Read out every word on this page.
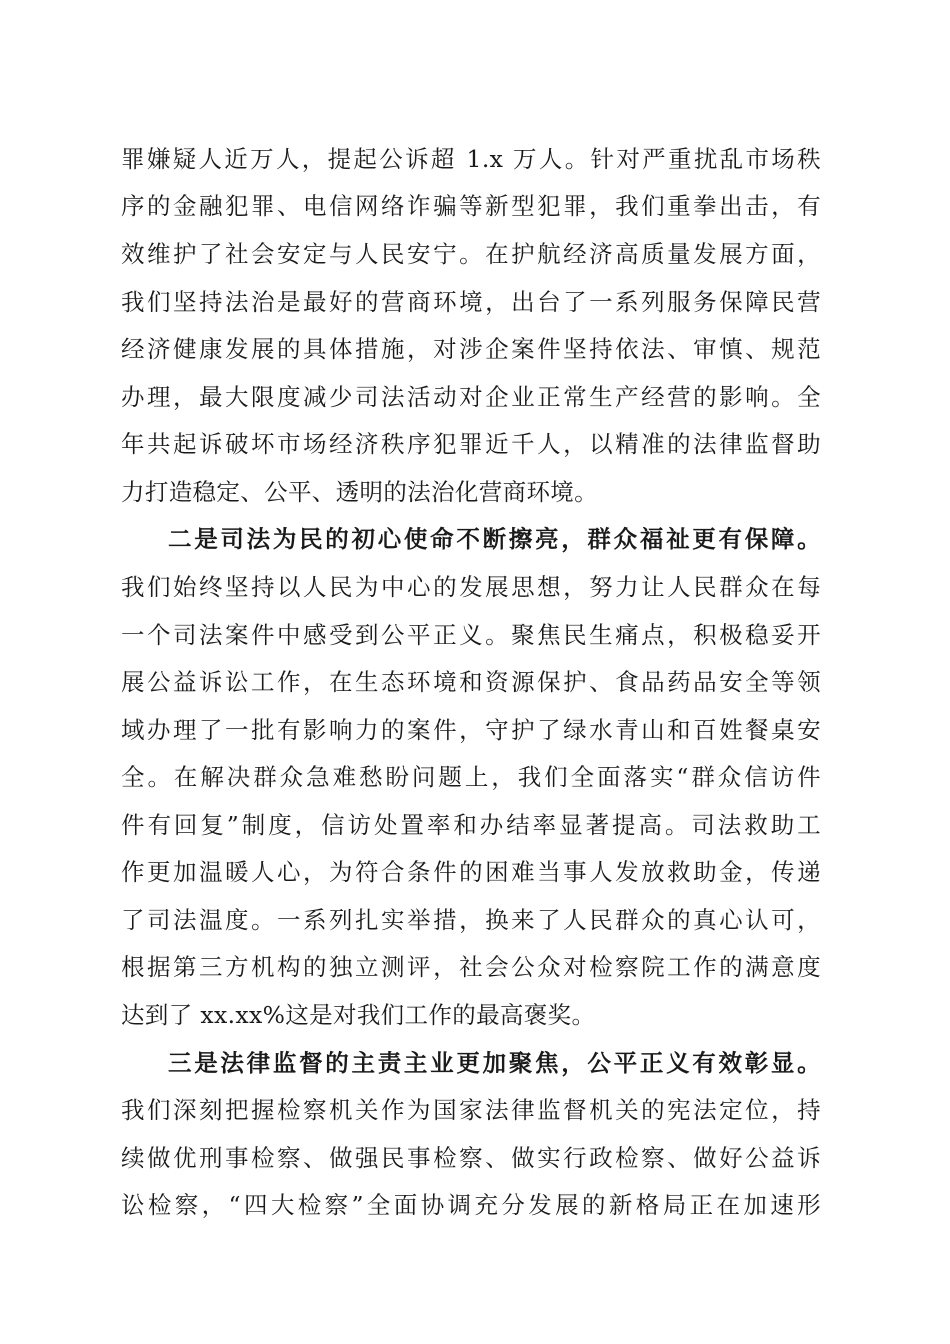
罪嫌疑人近万人，提起公诉超 1.x 万人。针对严重扰乱市场秩
序的金融犯罪、电信网络诈骗等新型犯罪，我们重拳出击，有
效维护了社会安定与人民安宁。在护航经济高质量发展方面，
我们坚持法治是最好的营商环境，出台了一系列服务保障民营
经济健康发展的具体措施，对涉企案件坚持依法、审慎、规范
办理，最大限度减少司法活动对企业正常生产经营的影响。全
年共起诉破坏市场经济秩序犯罪近千人，以精准的法律监督助
力打造稳定、公平、透明的法治化营商环境。
二是司法为民的初心使命不断擦亮，群众福祉更有保障。
我们始终坚持以人民为中心的发展思想，努力让人民群众在每
一个司法案件中感受到公平正义。聚焦民生痛点，积极稳妥开
展公益诉讼工作，在生态环境和资源保护、食品药品安全等领
域办理了一批有影响力的案件，守护了绿水青山和百姓餐桌安
全。在解决群众急难愁盼问题上，我们全面落实“群众信访件
件有回复”制度，信访处置率和办结率显著提高。司法救助工
作更加温暖人心，为符合条件的困难当事人发放救助金，传递
了司法温度。一系列扎实举措，换来了人民群众的真心认可，
根据第三方机构的独立测评，社会公众对检察院工作的满意度
达到了 xx.xx%这是对我们工作的最高褒奖。
三是法律监督的主责主业更加聚焦，公平正义有效彰显。
我们深刻把握检察机关作为国家法律监督机关的宪法定位，持
续做优刑事检察、做强民事检察、做实行政检察、做好公益诉
讼检察，“四大检察”全面协调充分发展的新格局正在加速形
